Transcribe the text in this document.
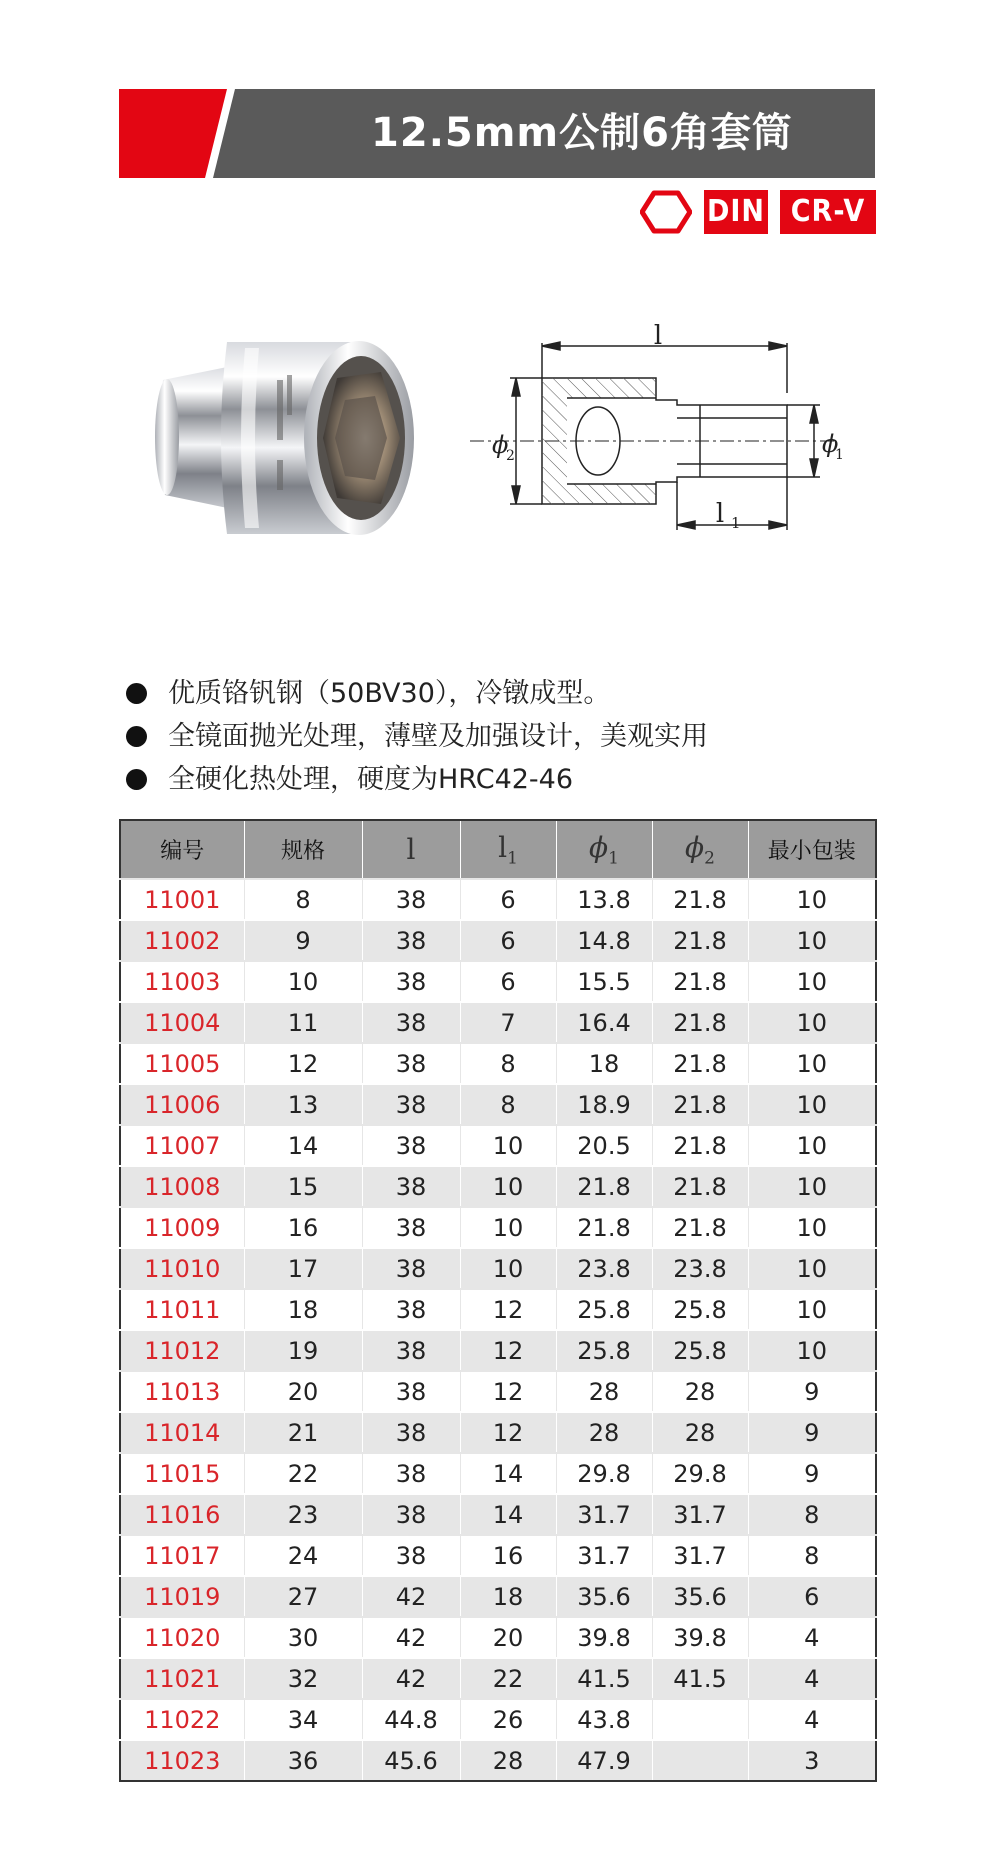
12.5mm公制6角套筒
DIN CR-V
l
l 1
ϕ
2	ϕ
1
优质铬钒钢（50BV30），冷镦成型。
全镜面抛光处理，薄壁及加强设计，美观实用
全硬化热处理，硬度为HRC42-46
编号	规格	l	$l_1$	$\phi_1$	$\phi_2$	最小包装
11001	8	38	6	13.8	21.8	10
11002	9	38	6	14.8	21.8	10
11003	10	38	6	15.5	21.8	10
11004	11	38	7	16.4	21.8	10
11005	12	38	8	18	21.8	10
11006	13	38	8	18.9	21.8	10
11007	14	38	10	20.5	21.8	10
11008	15	38	10	21.8	21.8	10
11009	16	38	10	21.8	21.8	10
11010	17	38	10	23.8	23.8	10
11011	18	38	12	25.8	25.8	10
11012	19	38	12	25.8	25.8	10
11013	20	38	12	28	28	9
11014	21	38	12	28	28	9
11015	22	38	14	29.8	29.8	9
11016	23	38	14	31.7	31.7	8
11017	24	38	16	31.7	31.7	8
11019	27	42	18	35.6	35.6	6
11020	30	42	20	39.8	39.8	4
11021	32	42	22	41.5	41.5	4
11022	34	44.8	26	43.8		4
11023	36	45.6	28	47.9		3
